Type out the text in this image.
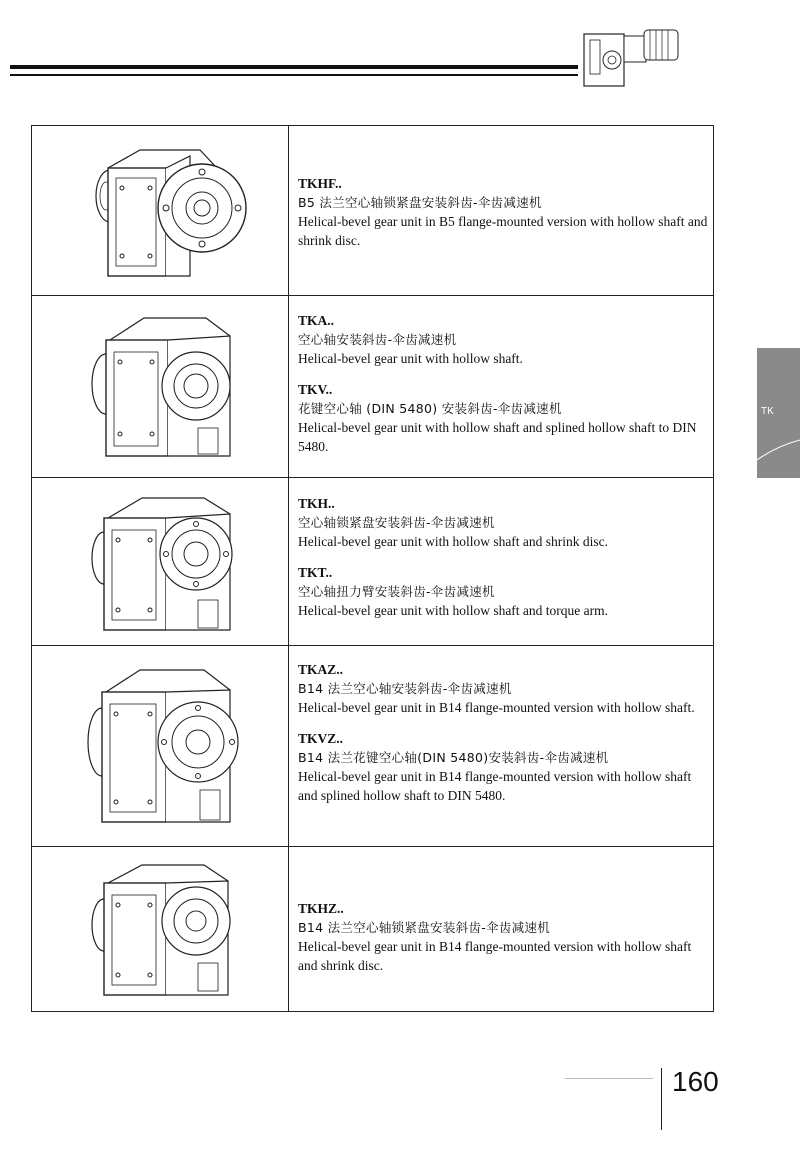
TK
TKHF..
B5 法兰空心轴锁紧盘安装斜齿-伞齿减速机
Helical-bevel gear unit in B5 flange-mounted version with hollow shaft and shrink disc.
TKA..
空心轴安装斜齿-伞齿减速机
Helical-bevel gear unit with hollow shaft.
TKV..
花键空心轴 (DIN 5480) 安装斜齿-伞齿减速机
Helical-bevel gear unit with hollow shaft and splined hollow shaft to DIN 5480.
TKH..
空心轴锁紧盘安装斜齿-伞齿减速机
Helical-bevel gear unit with hollow shaft and shrink disc.
TKT..
空心轴扭力臂安装斜齿-伞齿减速机
Helical-bevel gear unit with hollow shaft and torque arm.
TKAZ..
B14 法兰空心轴安装斜齿-伞齿减速机
Helical-bevel gear unit in B14 flange-mounted version with hollow shaft.
TKVZ..
B14 法兰花键空心轴(DIN 5480)安装斜齿-伞齿减速机
Helical-bevel gear unit in B14 flange-mounted version with hollow shaft and splined hollow shaft to DIN 5480.
TKHZ..
B14 法兰空心轴锁紧盘安装斜齿-伞齿减速机
Helical-bevel gear unit in B14 flange-mounted version with hollow shaft and shrink disc.
160
